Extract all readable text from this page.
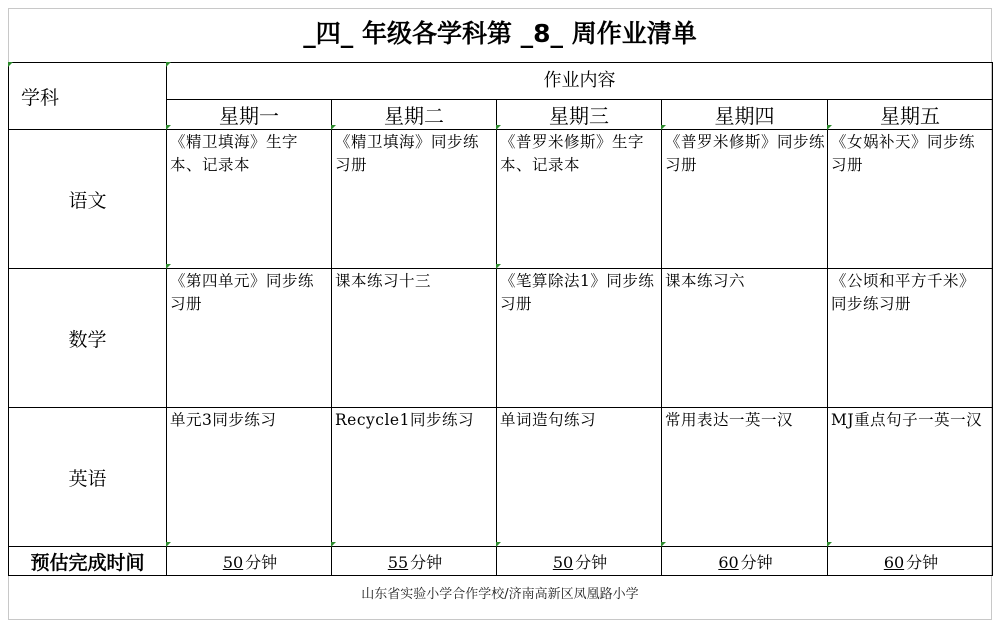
_四_ 年级各学科第 _8_ 周作业清单
学科	作业内容				
	星期一	星期二	星期三	星期四	星期五
语文	《精卫填海》生字本、记录本	《精卫填海》同步练习册	《普罗米修斯》生字本、记录本	《普罗米修斯》同步练习册	《女娲补天》同步练习册
数学	《第四单元》同步练习册	课本练习十三	《笔算除法1》同步练习册	课本练习六	《公顷和平方千米》同步练习册
英语	单元3同步练习	Recycle1同步练习	单词造句练习	常用表达一英一汉	MJ重点句子一英一汉
预估完成时间	50 分钟	55 分钟	50 分钟	60 分钟	60 分钟
山东省实验小学合作学校/济南高新区凤凰路小学
